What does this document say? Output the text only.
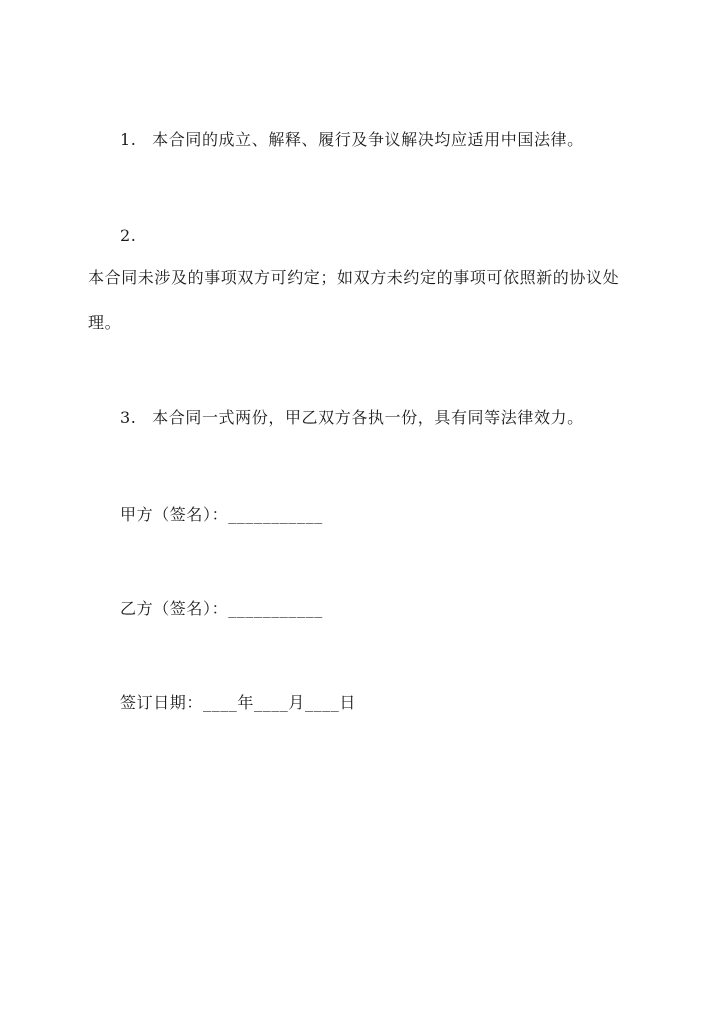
1. 本合同的成立、解释、履行及争议解决均应适用中国法律。
2.
本合同未涉及的事项双方可约定；如双方未约定的事项可依照新的协议处
理。
3. 本合同一式两份，甲乙双方各执一份，具有同等法律效力。
甲方（签名）：___________
乙方（签名）：___________
签订日期：____年____月____日
